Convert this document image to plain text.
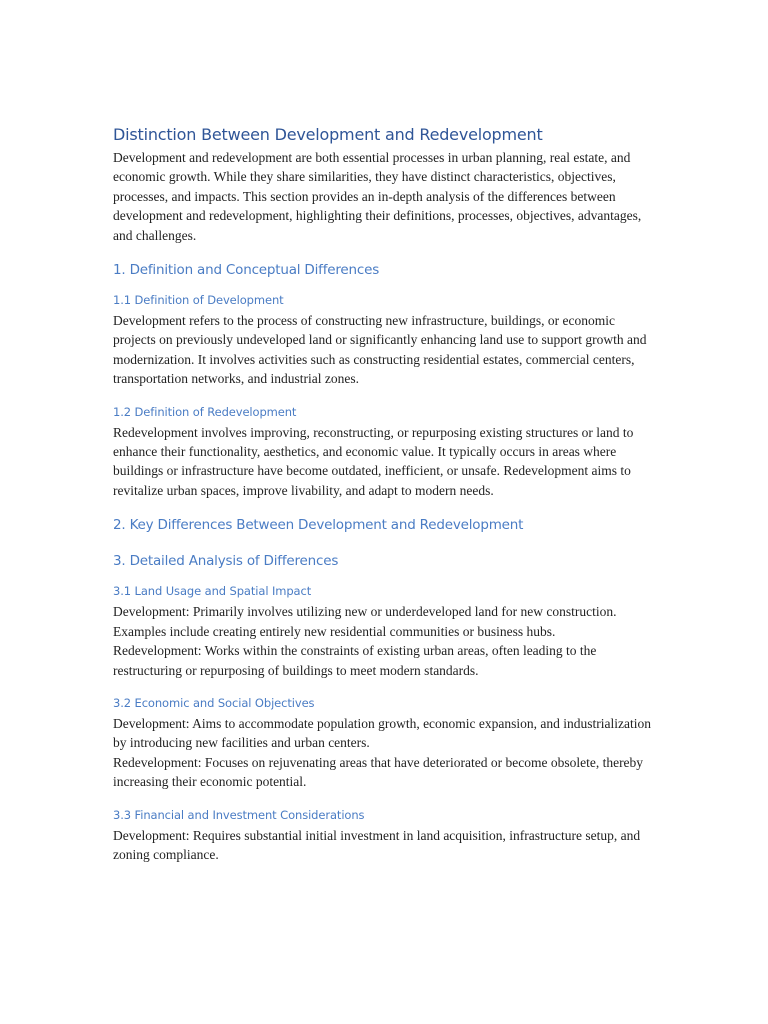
Distinction Between Development and Redevelopment

Development and redevelopment are both essential processes in urban planning, real estate, and economic growth. While they share similarities, they have distinct characteristics, objectives, processes, and impacts. This section provides an in-depth analysis of the differences between development and redevelopment, highlighting their definitions, processes, objectives, advantages, and challenges.

1. Definition and Conceptual Differences
1.1 Definition of Development

Development refers to the process of constructing new infrastructure, buildings, or economic projects on previously undeveloped land or significantly enhancing land use to support growth and modernization. It involves activities such as constructing residential estates, commercial centers, transportation networks, and industrial zones.

1.2 Definition of Redevelopment

Redevelopment involves improving, reconstructing, or repurposing existing structures or land to enhance their functionality, aesthetics, and economic value. It typically occurs in areas where buildings or infrastructure have become outdated, inefficient, or unsafe. Redevelopment aims to revitalize urban spaces, improve livability, and adapt to modern needs.

2. Key Differences Between Development and Redevelopment
3. Detailed Analysis of Differences
3.1 Land Usage and Spatial Impact

Development: Primarily involves utilizing new or underdeveloped land for new construction. Examples include creating entirely new residential communities or business hubs.

Redevelopment: Works within the constraints of existing urban areas, often leading to the restructuring or repurposing of buildings to meet modern standards.

3.2 Economic and Social Objectives

Development: Aims to accommodate population growth, economic expansion, and industrialization by introducing new facilities and urban centers.

Redevelopment: Focuses on rejuvenating areas that have deteriorated or become obsolete, thereby increasing their economic potential.

3.3 Financial and Investment Considerations

Development: Requires substantial initial investment in land acquisition, infrastructure setup, and zoning compliance.
